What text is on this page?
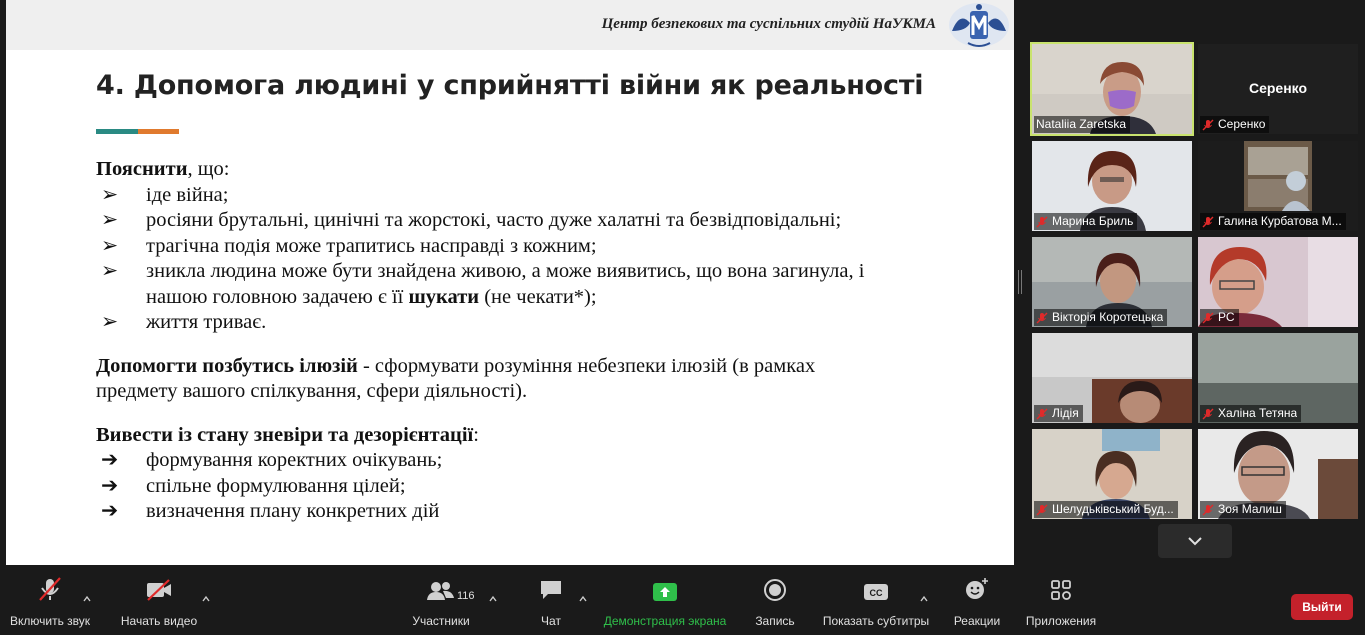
Центр безпекових та суспільних студій НаУКМА
4. Допомога людині у сприйнятті війни як реальності
Пояснити, що:
➢	іде війна;
➢	росіяни брутальні, цинічні та жорстокі, часто дуже халатні та безвідповідальні;
➢	трагічна подія може трапитись насправді з кожним;
➢	зникла людина може бути знайдена живою, а може виявитись, що вона загинула, і
нашою головною задачею є її шукати (не чекати*);
➢	життя триває.
Допомогти позбутись ілюзій - сформувати розуміння небезпеки ілюзій (в рамках
предмету вашого спілкування, сфери діяльності).
Вивести із стану зневіри та дезорієнтації:
➔	формування коректних очікувань;
➔	спільне формулювання цілей;
➔	визначення плану конкретних дій
Nataliia Zaretska
Серенко
Серенко
Марина Бриль	Галина Курбатова М...
Вікторія Коротецька	РС
Лідія	Халіна Тетяна
Шелудьківський Буд...	Зоя Малиш
Включить звук	Начать видео	Участники
116
Чат	Демонстрация экрана Запись
CC
Показать субтитры Реакции Приложения
Выйти
